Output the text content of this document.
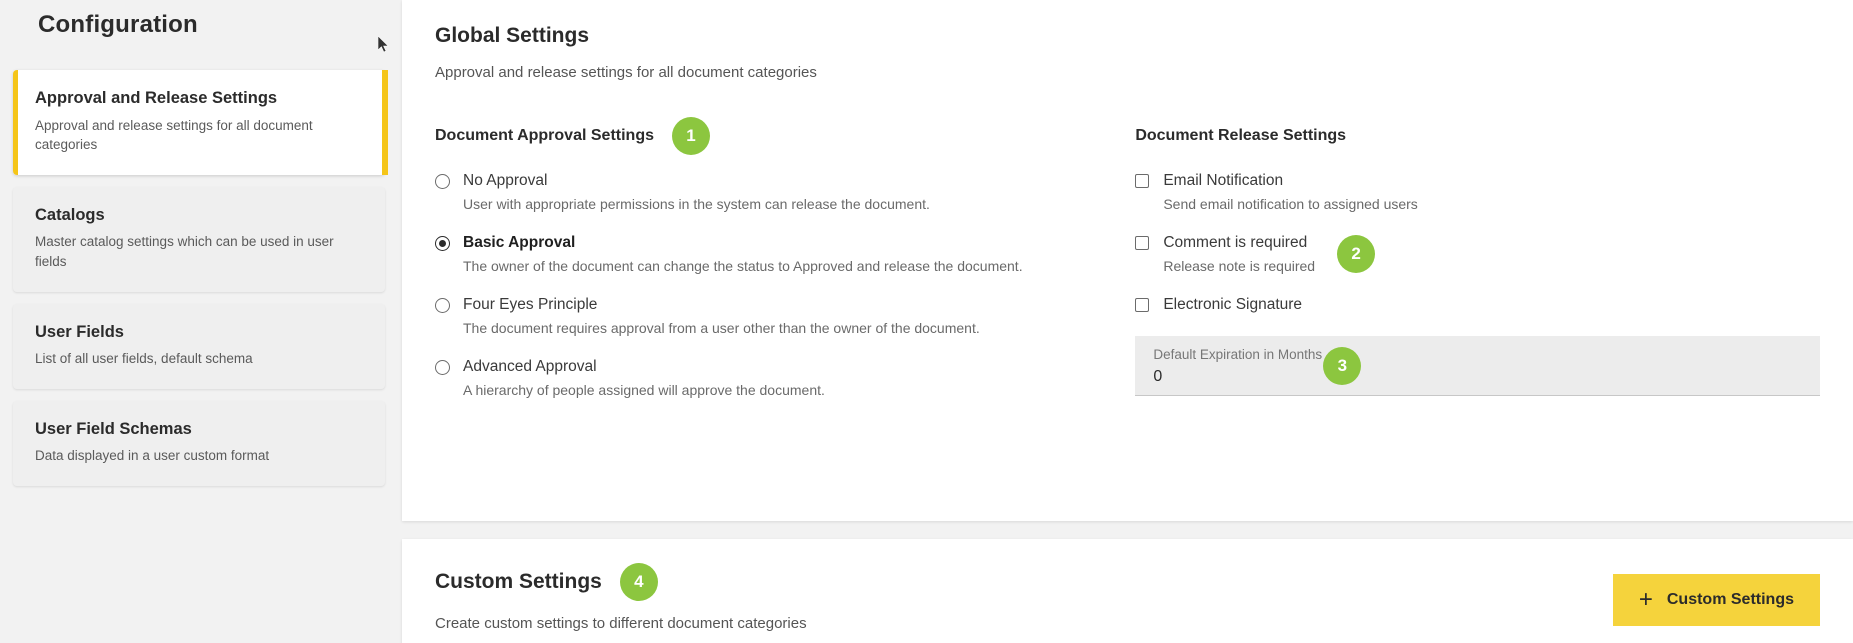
Configuration
Approval and Release Settings
Approval and release settings for all document categories
Catalogs
Master catalog settings which can be used in user fields
User Fields
List of all user fields, default schema
User Field Schemas
Data displayed in a user custom format
Global Settings
Approval and release settings for all document categories
Document Approval Settings	1
No Approval
User with appropriate permissions in the system can release the document.
Basic Approval
The owner of the document can change the status to Approved and release the document.
Four Eyes Principle
The document requires approval from a user other than the owner of the document.
Advanced Approval
A hierarchy of people assigned will approve the document.
Document Release Settings
Email Notification
Send email notification to assigned users
Comment is required
Release note is required
2
Electronic Signature
Default Expiration in Months
0
3
Custom Settings	4
Create custom settings to different document categories
+ Custom Settings
